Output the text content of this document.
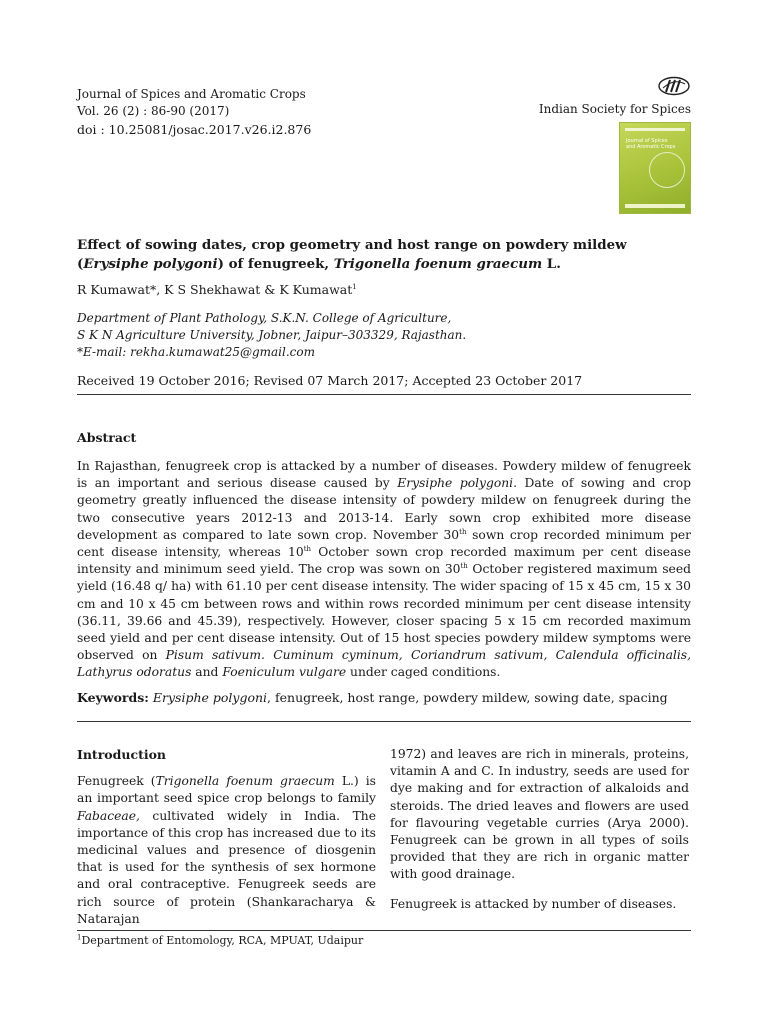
Journal of Spices and Aromatic Crops
Vol. 26 (2) : 86-90 (2017)
doi : 10.25081/josac.2017.v26.i2.876
Indian Society for Spices
Journal of Spices and Aromatic Crops
Effect of sowing dates, crop geometry and host range on powdery mildew (Erysiphe polygoni) of fenugreek, Trigonella foenum graecum L.
R Kumawat*, K S Shekhawat & K Kumawat$^1$
Department of Plant Pathology, S.K.N. College of Agriculture,
S K N Agriculture University, Jobner, Jaipur–303329, Rajasthan.
*E-mail: rekha.kumawat25@gmail.com
Received 19 October 2016; Revised 07 March 2017; Accepted 23 October 2017
Abstract
In Rajasthan, fenugreek crop is attacked by a number of diseases. Powdery mildew of fenugreek is an important and serious disease caused by Erysiphe polygoni. Date of sowing and crop geometry greatly influenced the disease intensity of powdery mildew on fenugreek during the two consecutive years 2012-13 and 2013-14. Early sown crop exhibited more disease development as compared to late sown crop. November 30th sown crop recorded minimum per cent disease intensity, whereas 10th October sown crop recorded maximum per cent disease intensity and minimum seed yield. The crop was sown on 30th October registered maximum seed yield (16.48 q/ ha) with 61.10 per cent disease intensity. The wider spacing of 15 x 45 cm, 15 x 30 cm and 10 x 45 cm between rows and within rows recorded minimum per cent disease intensity (36.11, 39.66 and 45.39), respectively. However, closer spacing 5 x 15 cm recorded maximum seed yield and per cent disease intensity. Out of 15 host species powdery mildew symptoms were observed on Pisum sativum. Cuminum cyminum, Coriandrum sativum, Calendula officinalis, Lathyrus odoratus and Foeniculum vulgare under caged conditions.
Keywords: Erysiphe polygoni, fenugreek, host range, powdery mildew, sowing date, spacing
Introduction

Fenugreek (Trigonella foenum graecum L.) is an important seed spice crop belongs to family Fabaceae, cultivated widely in India. The importance of this crop has increased due to its medicinal values and presence of diosgenin that is used for the synthesis of sex hormone and oral contraceptive. Fenugreek seeds are rich source of protein (Shankaracharya & Natarajan

1972) and leaves are rich in minerals, proteins, vitamin A and C. In industry, seeds are used for dye making and for extraction of alkaloids and steroids. The dried leaves and flowers are used for flavouring vegetable curries (Arya 2000). Fenugreek can be grown in all types of soils provided that they are rich in organic matter with good drainage.

Fenugreek is attacked by number of diseases.

$^1$Department of Entomology, RCA, MPUAT, Udaipur
